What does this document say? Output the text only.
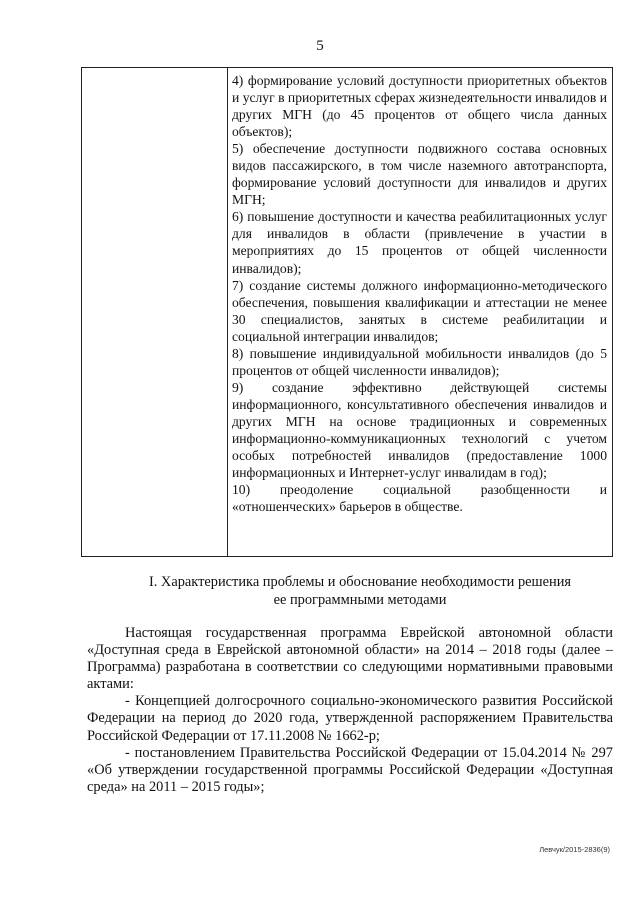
5

4) формирование условий доступности приоритетных объектов и услуг в приоритетных сферах жизнедеятельности инвалидов и других МГН (до 45 процентов от общего числа данных объектов);

5) обеспечение доступности подвижного состава основных видов пассажирского, в том числе наземного автотранспорта, формирование условий доступности для инвалидов и других МГН;

6) повышение доступности и качества реабилитационных услуг для инвалидов в области (привлечение в участии в мероприятиях до 15 процентов от общей численности инвалидов);

7) создание системы должного информационно-методического обеспечения, повышения квалификации и аттестации не менее 30 специалистов, занятых в системе реабилитации и социальной интеграции инвалидов;

8) повышение индивидуальной мобильности инвалидов (до 5 процентов от общей численности инвалидов);

9) создание эффективно действующей системы информационного, консультативного обеспечения инвалидов и других МГН на основе традиционных и современных информационно-коммуникационных технологий с учетом особых потребностей инвалидов (предоставление 1000 информационных и Интернет-услуг инвалидам в год);

10) преодоление социальной разобщенности и «отношенческих» барьеров в обществе.

I. Характеристика проблемы и обоснование необходимости решения

ее программными методами

Настоящая государственная программа Еврейской автономной области «Доступная среда в Еврейской автономной области» на 2014 – 2018 годы (далее – Программа) разработана в соответствии со следующими нормативными правовыми актами:

- Концепцией долгосрочного социально-экономического развития Российской Федерации на период до 2020 года, утвержденной распоряжением Правительства Российской Федерации от 17.11.2008 № 1662-р;

- постановлением Правительства Российской Федерации от 15.04.2014 № 297 «Об утверждении государственной программы Российской Федерации «Доступная среда» на 2011 – 2015 годы»;

Левчук/2015-2836(9)
